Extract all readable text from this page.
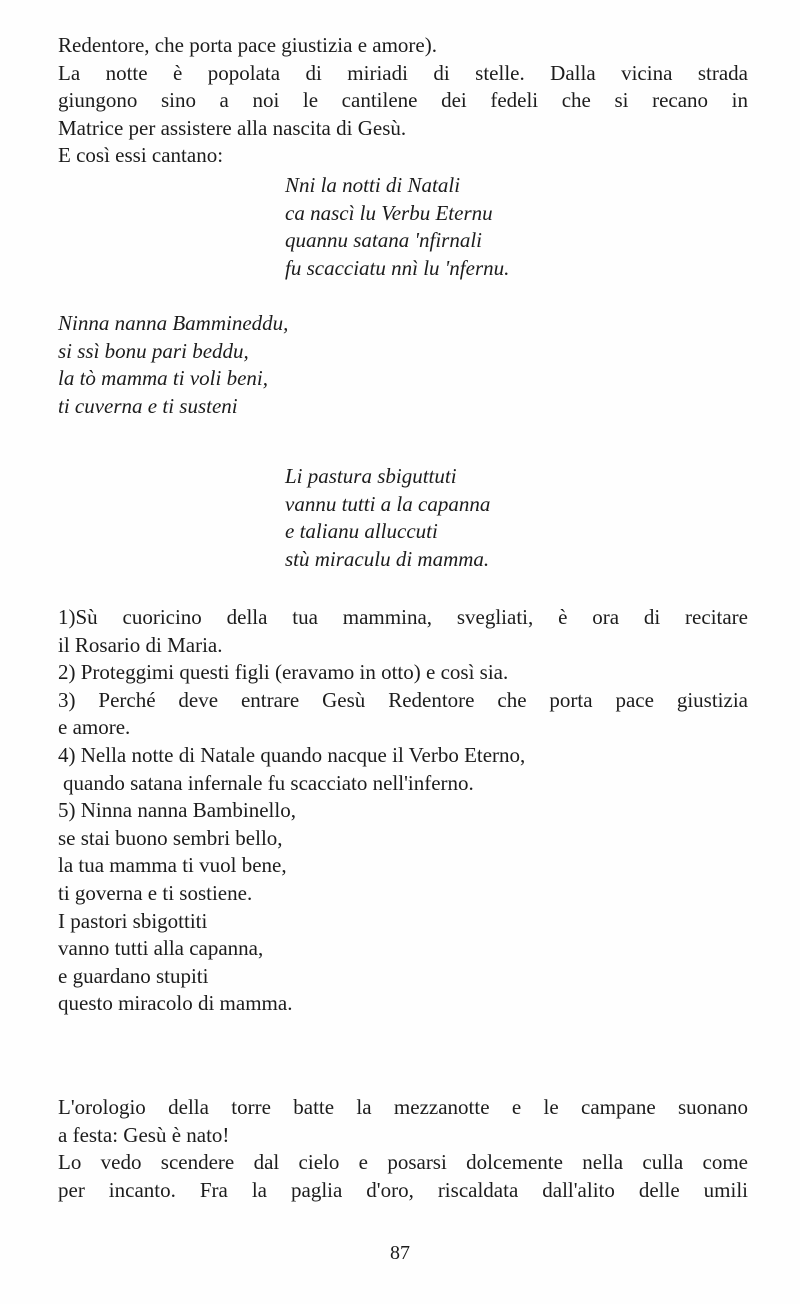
Redentore, che porta pace giustizia e amore).
La notte è popolata di miriadi di stelle. Dalla vicina strada
giungono sino a noi le cantilene dei fedeli che si recano in
Matrice per assistere alla nascita di Gesù.
E così essi cantano:
Nni la notti di Natali
ca nascì lu Verbu Eternu
quannu satana 'nfirnali
fu scacciatu nnì lu 'nfernu.
Ninna nanna Bammineddu,
si ssì bonu pari beddu,
la tò mamma ti voli beni,
ti cuverna e ti susteni
Li pastura sbiguttuti
vannu tutti a la capanna
e talianu alluccuti
stù miraculu di mamma.
1)Sù cuoricino della tua mammina, svegliati, è ora di recitare
il Rosario di Maria.
2) Proteggimi questi figli (eravamo in otto) e così sia.
3) Perché deve entrare Gesù Redentore che porta pace giustizia
e amore.
4) Nella notte di Natale quando nacque il Verbo Eterno,
quando satana infernale fu scacciato nell'inferno.
5) Ninna nanna Bambinello,
se stai buono sembri bello,
la tua mamma ti vuol bene,
ti governa e ti sostiene.
I pastori sbigottiti
vanno tutti alla capanna,
e guardano stupiti
questo miracolo di mamma.
L'orologio della torre batte la mezzanotte e le campane suonano
a festa: Gesù è nato!
Lo vedo scendere dal cielo e posarsi dolcemente nella culla come
per incanto. Fra la paglia d'oro, riscaldata dall'alito delle umili
87
